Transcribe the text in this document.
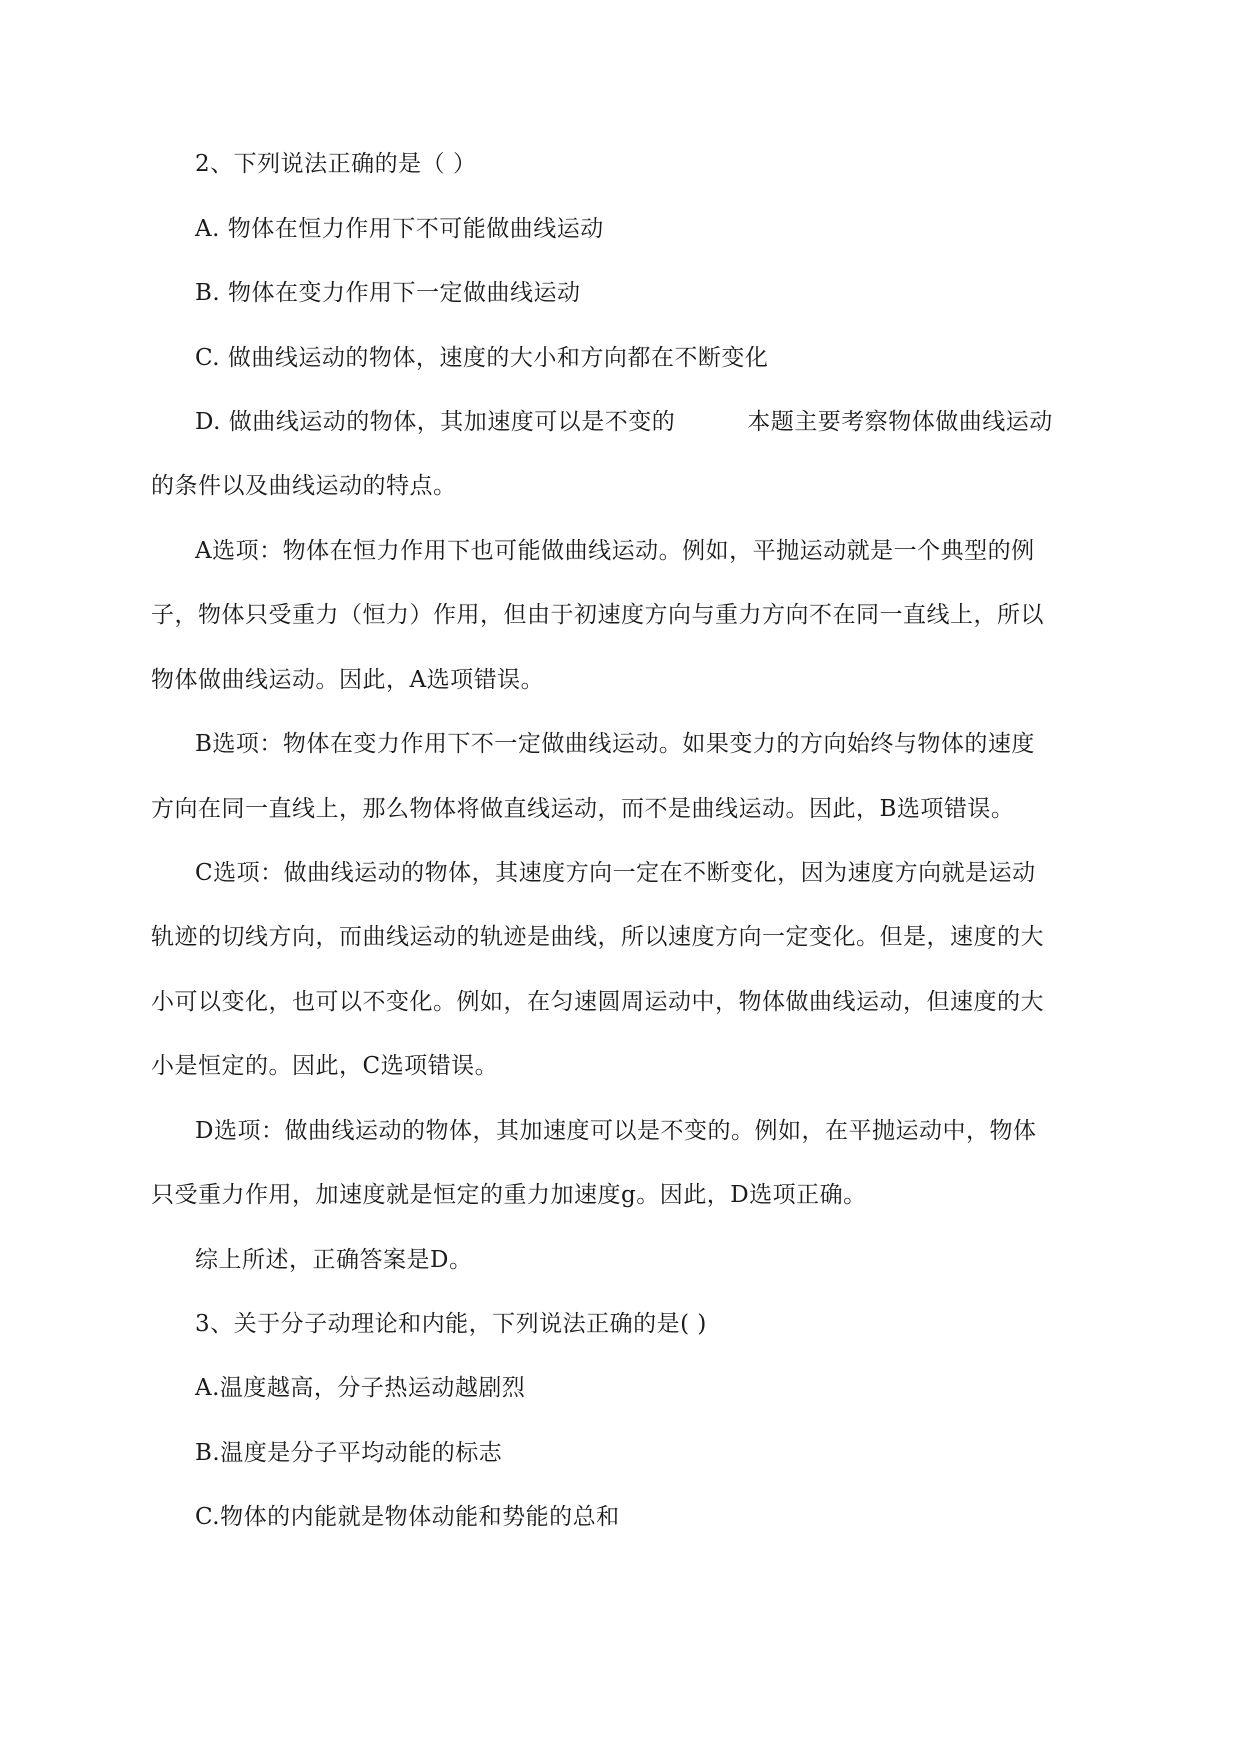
2、下列说法正确的是（ ）
A. 物体在恒力作用下不可能做曲线运动
B. 物体在变力作用下一定做曲线运动
C. 做曲线运动的物体，速度的大小和方向都在不断变化
D. 做曲线运动的物体，其加速度可以是不变的	本题主要考察物体做曲线运动
的条件以及曲线运动的特点。
A选项：物体在恒力作用下也可能做曲线运动。例如，平抛运动就是一个典型的例
子，物体只受重力（恒力）作用，但由于初速度方向与重力方向不在同一直线上，所以
物体做曲线运动。因此，A选项错误。
B选项：物体在变力作用下不一定做曲线运动。如果变力的方向始终与物体的速度
方向在同一直线上，那么物体将做直线运动，而不是曲线运动。因此，B选项错误。
C选项：做曲线运动的物体，其速度方向一定在不断变化，因为速度方向就是运动
轨迹的切线方向，而曲线运动的轨迹是曲线，所以速度方向一定变化。但是，速度的大
小可以变化，也可以不变化。例如，在匀速圆周运动中，物体做曲线运动，但速度的大
小是恒定的。因此，C选项错误。
D选项：做曲线运动的物体，其加速度可以是不变的。例如，在平抛运动中，物体
只受重力作用，加速度就是恒定的重力加速度g。因此，D选项正确。
综上所述，正确答案是D。
3、关于分子动理论和内能，下列说法正确的是( )
A.温度越高，分子热运动越剧烈
B.温度是分子平均动能的标志
C.物体的内能就是物体动能和势能的总和
